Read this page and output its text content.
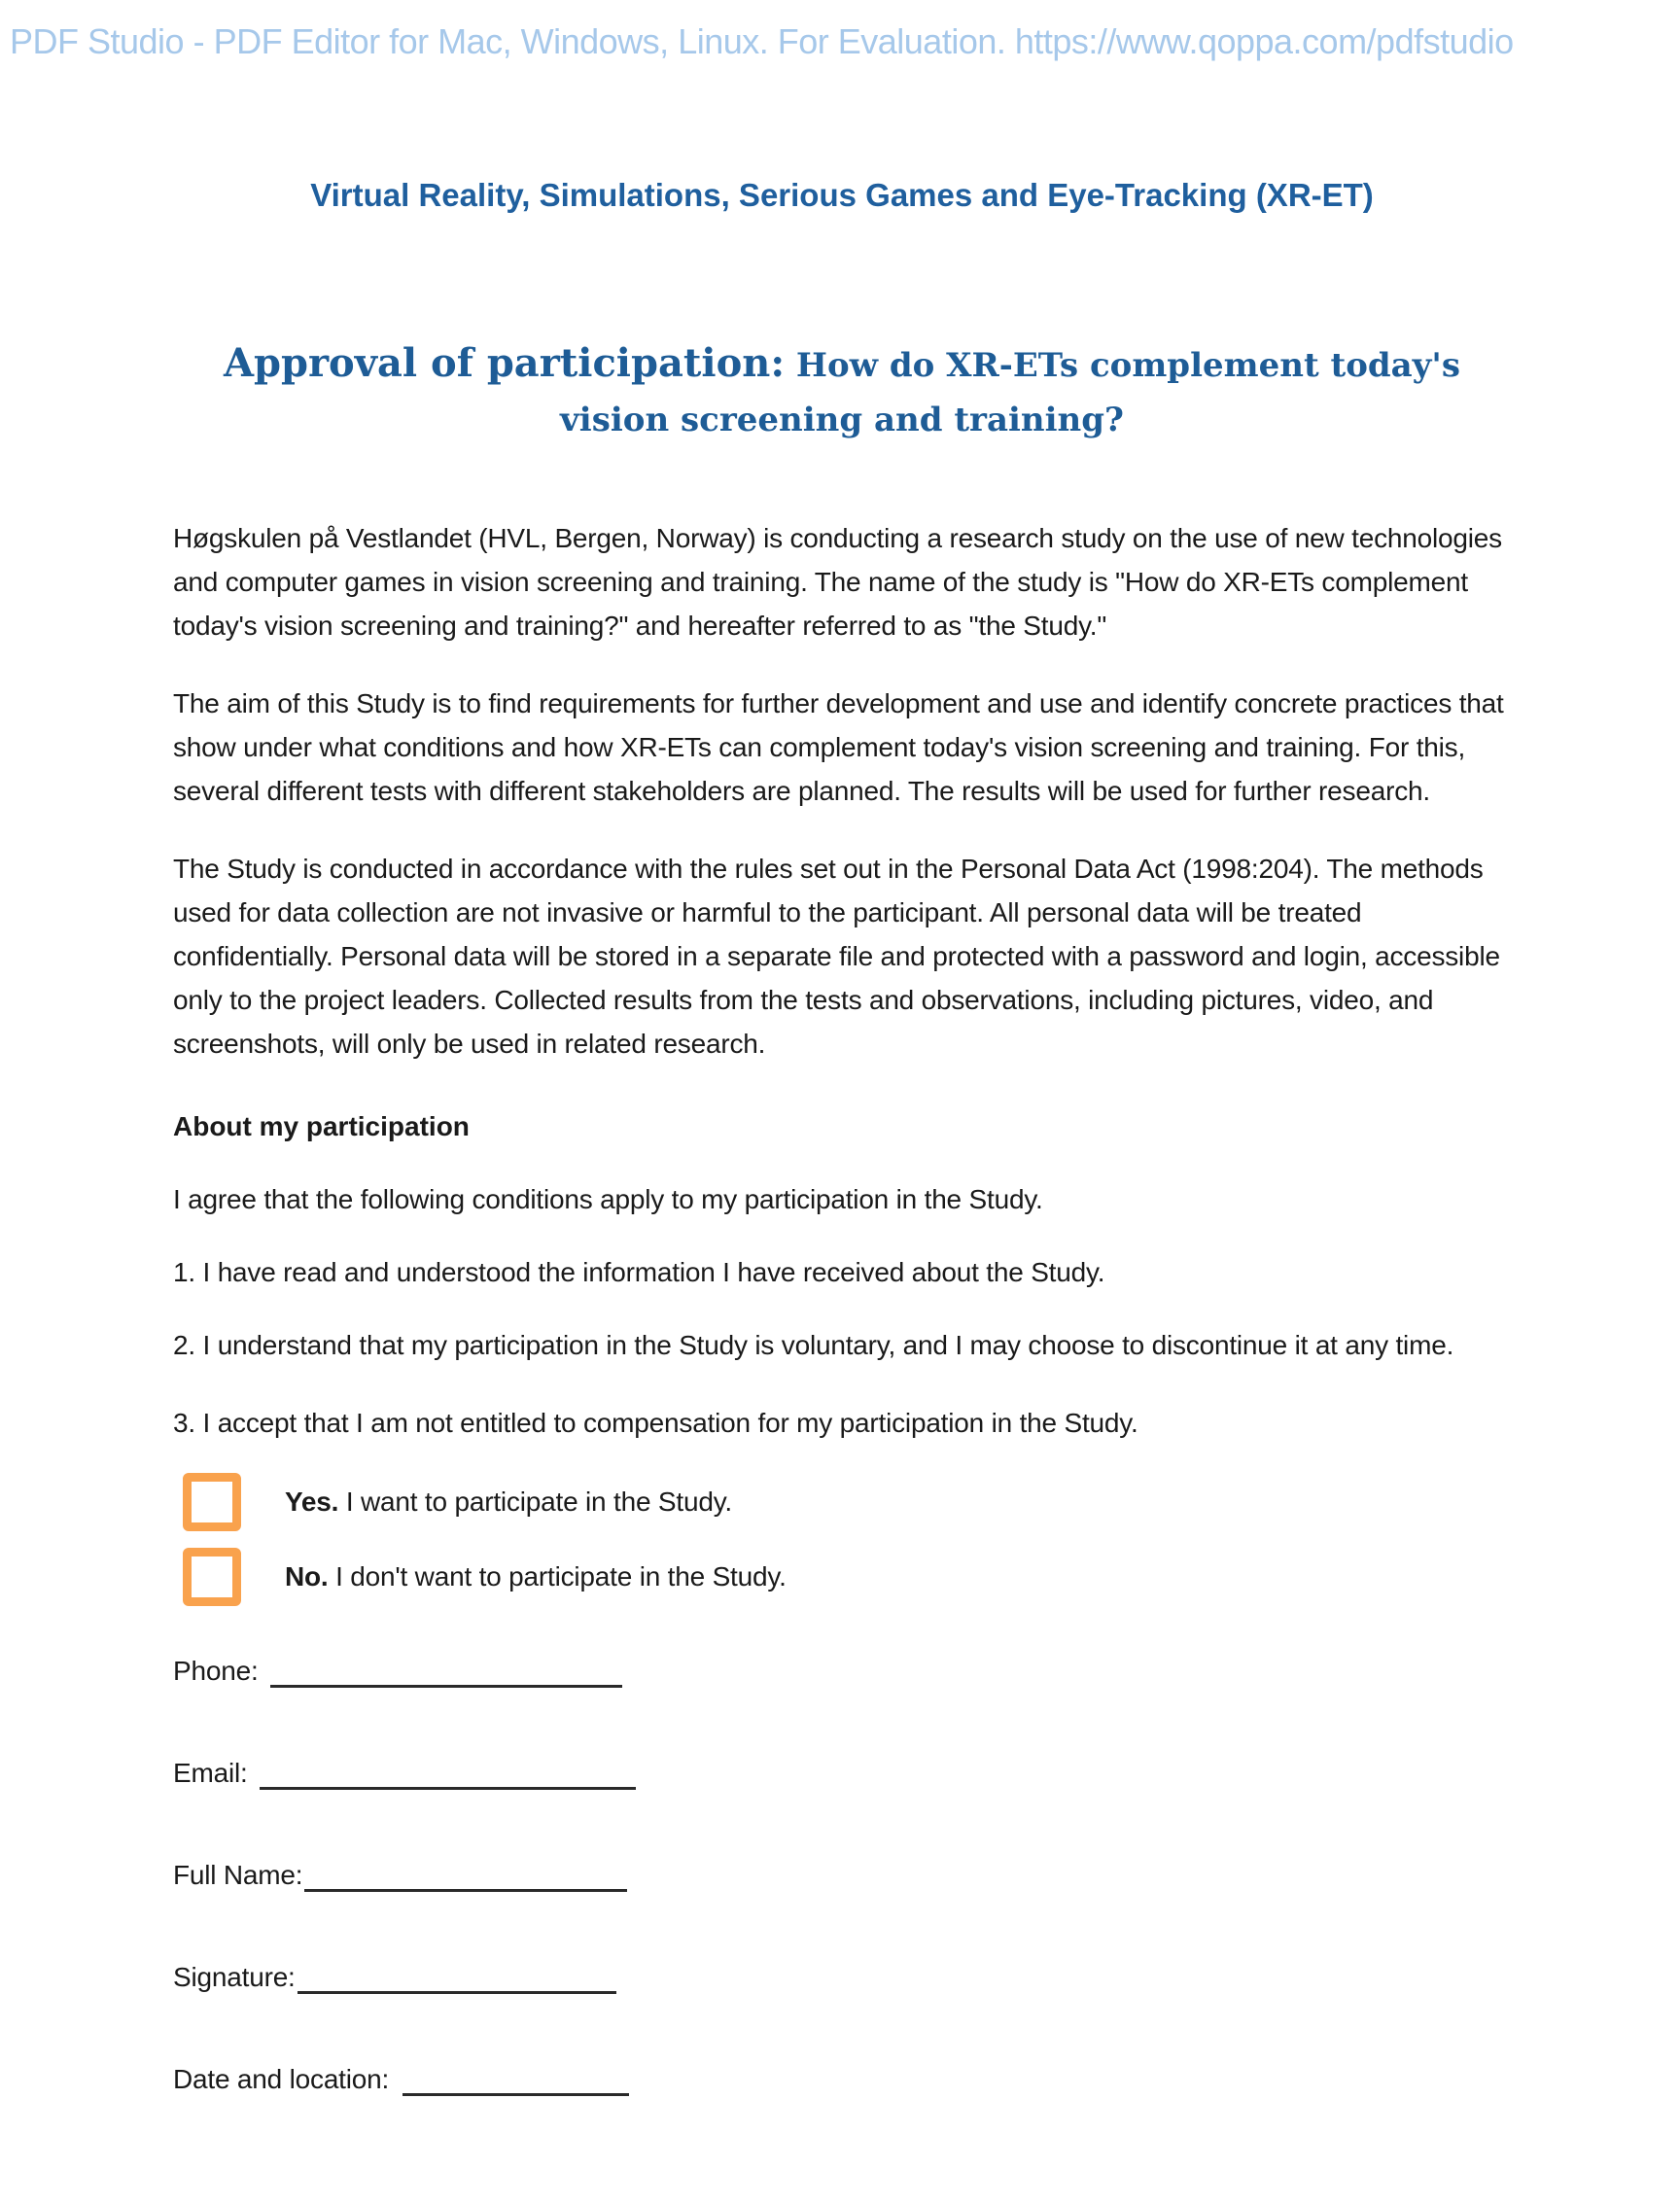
PDF Studio - PDF Editor for Mac, Windows, Linux. For Evaluation. https://www.qoppa.com/pdfstudio
Virtual Reality, Simulations, Serious Games and Eye-Tracking (XR-ET)
Approval of participation: How do XR-ETs complement today's vision screening and training?

Høgskulen på Vestlandet (HVL, Bergen, Norway) is conducting a research study on the use of new technologies and computer games in vision screening and training. The name of the study is "How do XR-ETs complement today's vision screening and training?" and hereafter referred to as "the Study."

The aim of this Study is to find requirements for further development and use and identify concrete practices that show under what conditions and how XR-ETs can complement today's vision screening and training. For this, several different tests with different stakeholders are planned. The results will be used for further research.

The Study is conducted in accordance with the rules set out in the Personal Data Act (1998:204). The methods used for data collection are not invasive or harmful to the participant. All personal data will be treated confidentially. Personal data will be stored in a separate file and protected with a password and login, accessible only to the project leaders. Collected results from the tests and observations, including pictures, video, and screenshots, will only be used in related research.

About my participation

I agree that the following conditions apply to my participation in the Study.

1. I have read and understood the information I have received about the Study.

2. I understand that my participation in the Study is voluntary, and I may choose to discontinue it at any time.

3. I accept that I am not entitled to compensation for my participation in the Study.

Yes. I want to participate in the Study.
No. I don't want to participate in the Study.
Phone:
Email:
Full Name:
Signature:
Date and location:
